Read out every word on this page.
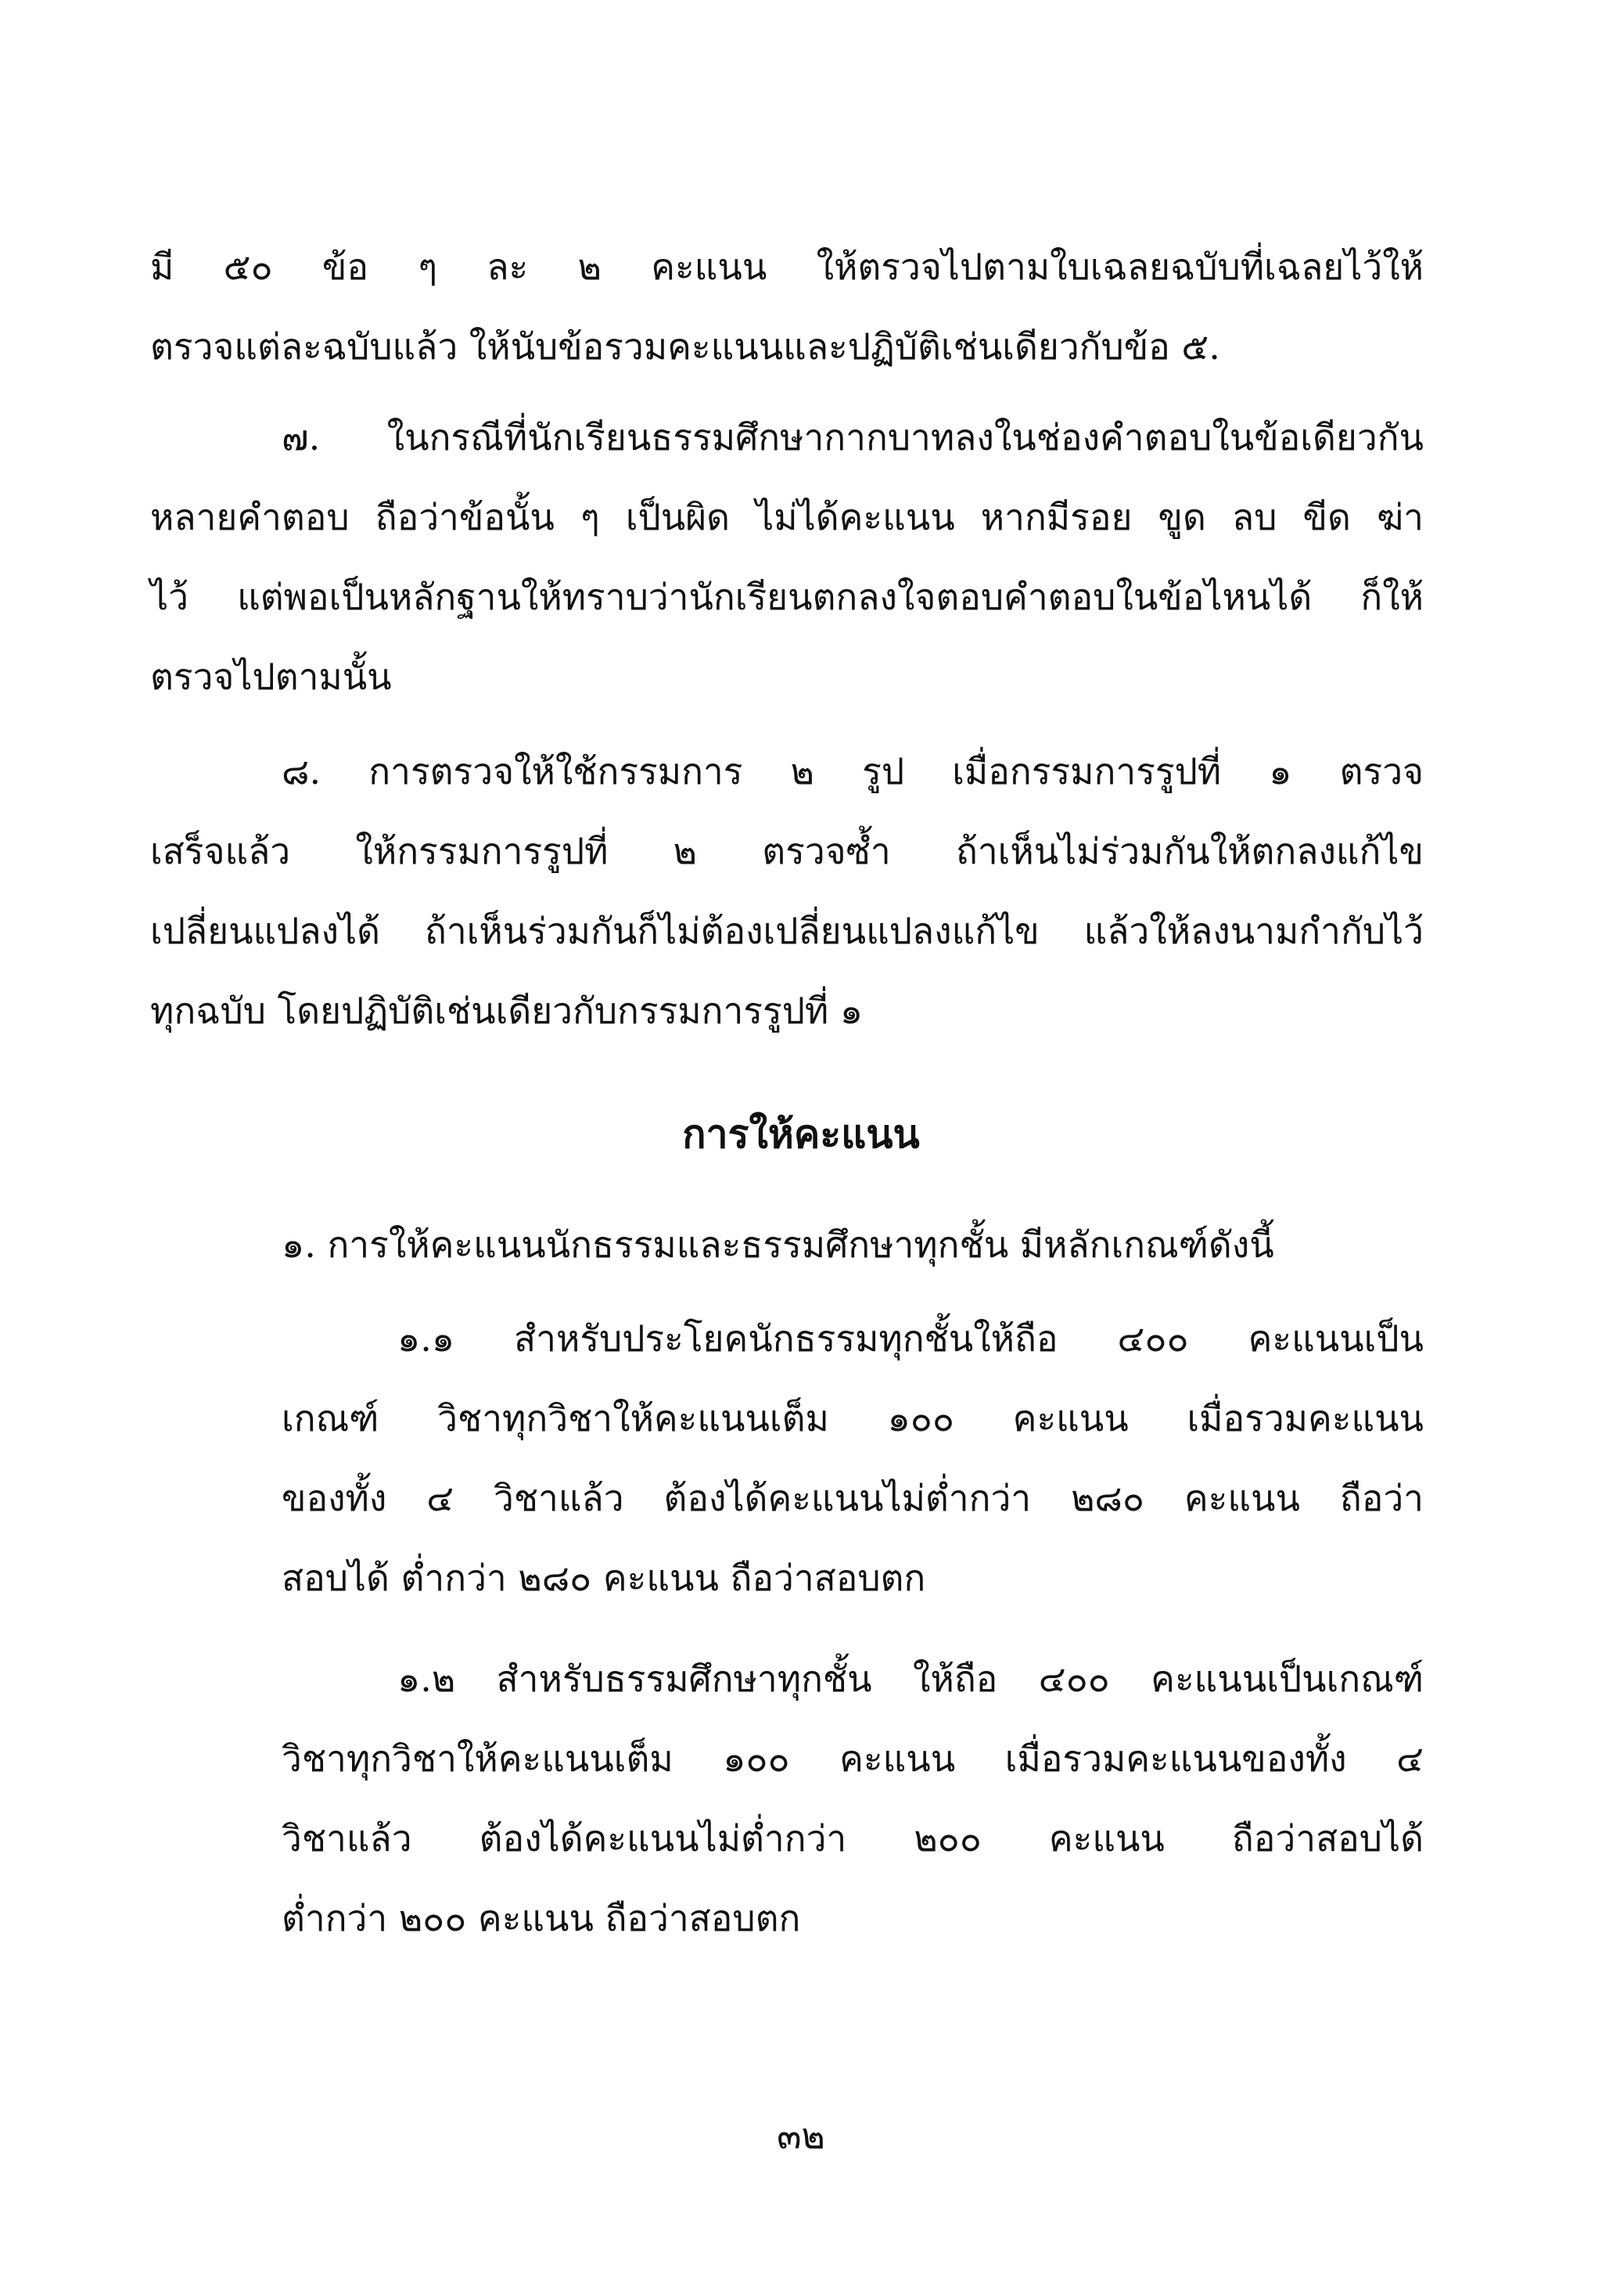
มี ๕๐ ข้อ ๆ ละ ๒ คะแนน ให้ตรวจไปตามใบเฉลยฉบับที่เฉลยไว้ให้
ตรวจแต่ละฉบับแล้ว ให้นับข้อรวมคะแนนและปฏิบัติเช่นเดียวกับข้อ ๕.
๗. ในกรณีที่นักเรียนธรรมศึกษากากบาทลงในช่องคำตอบในข้อเดียวกัน
หลายคำตอบ ถือว่าข้อนั้น ๆ เป็นผิด ไม่ได้คะแนน หากมีรอย ขูด ลบ ขีด ฆ่า
ไว้ แต่พอเป็นหลักฐานให้ทราบว่านักเรียนตกลงใจตอบคำตอบในข้อไหนได้ ก็ให้
ตรวจไปตามนั้น
๘. การตรวจให้ใช้กรรมการ ๒ รูป เมื่อกรรมการรูปที่ ๑ ตรวจ
เสร็จแล้ว ให้กรรมการรูปที่ ๒ ตรวจซ้ำ ถ้าเห็นไม่ร่วมกันให้ตกลงแก้ไข
เปลี่ยนแปลงได้ ถ้าเห็นร่วมกันก็ไม่ต้องเปลี่ยนแปลงแก้ไข แล้วให้ลงนามกำกับไว้
ทุกฉบับ โดยปฏิบัติเช่นเดียวกับกรรมการรูปที่ ๑
การให้คะแนน
๑. การให้คะแนนนักธรรมและธรรมศึกษาทุกชั้น มีหลักเกณฑ์ดังนี้
๑.๑ สำหรับประโยคนักธรรมทุกชั้นให้ถือ ๔๐๐ คะแนนเป็น
เกณฑ์ วิชาทุกวิชาให้คะแนนเต็ม ๑๐๐ คะแนน เมื่อรวมคะแนน
ของทั้ง ๔ วิชาแล้ว ต้องได้คะแนนไม่ต่ำกว่า ๒๘๐ คะแนน ถือว่า
สอบได้ ต่ำกว่า ๒๘๐ คะแนน ถือว่าสอบตก
๑.๒ สำหรับธรรมศึกษาทุกชั้น ให้ถือ ๔๐๐ คะแนนเป็นเกณฑ์
วิชาทุกวิชาให้คะแนนเต็ม ๑๐๐ คะแนน เมื่อรวมคะแนนของทั้ง ๔
วิชาแล้ว ต้องได้คะแนนไม่ต่ำกว่า ๒๐๐ คะแนน ถือว่าสอบได้
ต่ำกว่า ๒๐๐ คะแนน ถือว่าสอบตก
๓๒
